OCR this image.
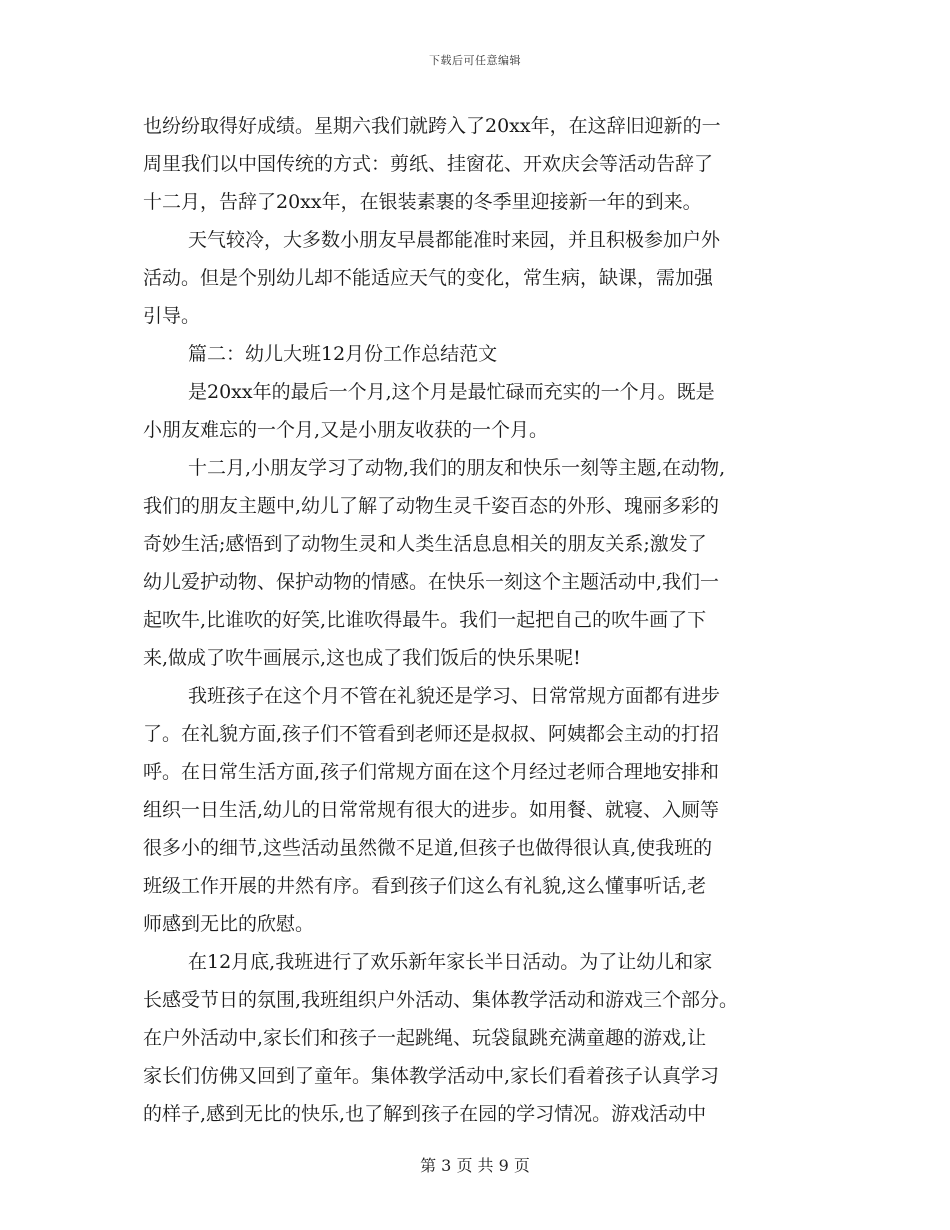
下载后可任意编辑
也纷纷取得好成绩。星期六我们就跨入了20xx年，在这辞旧迎新的一
周里我们以中国传统的方式：剪纸、挂窗花、开欢庆会等活动告辞了
十二月，告辞了20xx年，在银装素裹的冬季里迎接新一年的到来。
天气较冷，大多数小朋友早晨都能准时来园，并且积极参加户外
活动。但是个别幼儿却不能适应天气的变化，常生病，缺课，需加强
引导。
篇二：幼儿大班12月份工作总结范文
是20xx年的最后一个月,这个月是最忙碌而充实的一个月。既是
小朋友难忘的一个月,又是小朋友收获的一个月。
十二月,小朋友学习了动物,我们的朋友和快乐一刻等主题,在动物,
我们的朋友主题中,幼儿了解了动物生灵千姿百态的外形、瑰丽多彩的
奇妙生活;感悟到了动物生灵和人类生活息息相关的朋友关系;激发了
幼儿爱护动物、保护动物的情感。在快乐一刻这个主题活动中,我们一
起吹牛,比谁吹的好笑,比谁吹得最牛。我们一起把自己的吹牛画了下
来,做成了吹牛画展示,这也成了我们饭后的快乐果呢!
我班孩子在这个月不管在礼貌还是学习、日常常规方面都有进步
了。在礼貌方面,孩子们不管看到老师还是叔叔、阿姨都会主动的打招
呼。在日常生活方面,孩子们常规方面在这个月经过老师合理地安排和
组织一日生活,幼儿的日常常规有很大的进步。如用餐、就寝、入厕等
很多小的细节,这些活动虽然微不足道,但孩子也做得很认真,使我班的
班级工作开展的井然有序。看到孩子们这么有礼貌,这么懂事听话,老
师感到无比的欣慰。
在12月底,我班进行了欢乐新年家长半日活动。为了让幼儿和家
长感受节日的氛围,我班组织户外活动、集体教学活动和游戏三个部分。
在户外活动中,家长们和孩子一起跳绳、玩袋鼠跳充满童趣的游戏,让
家长们仿佛又回到了童年。集体教学活动中,家长们看着孩子认真学习
的样子,感到无比的快乐,也了解到孩子在园的学习情况。游戏活动中
第 3 页 共 9 页
